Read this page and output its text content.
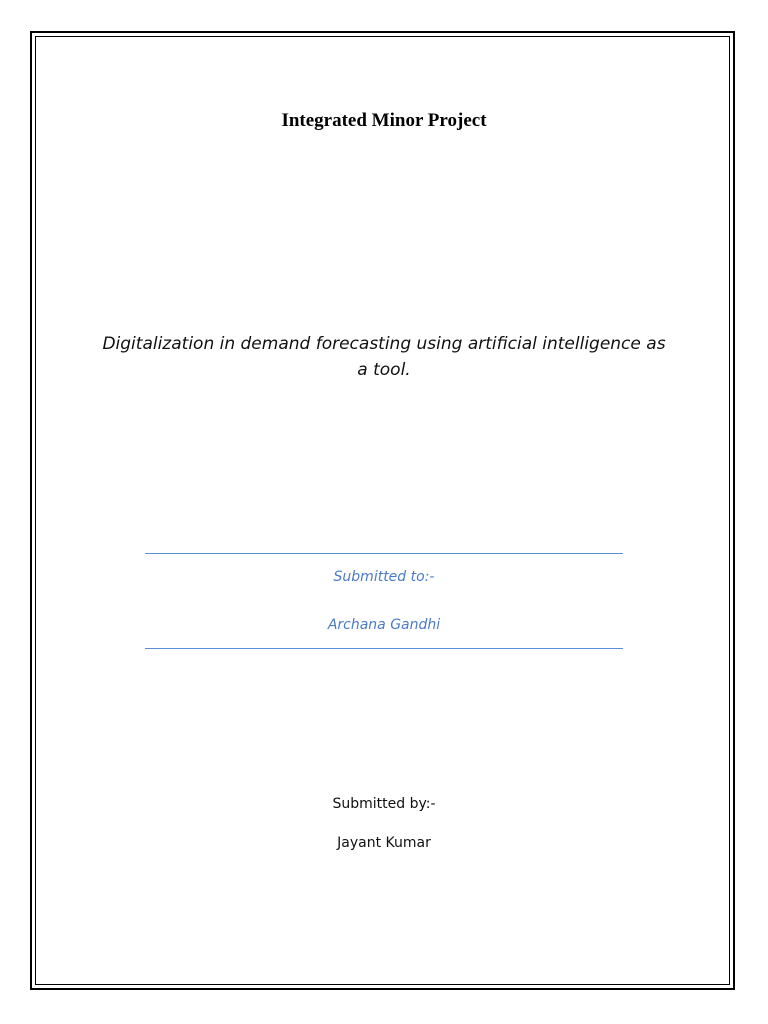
Integrated Minor Project
Digitalization in demand forecasting using artificial intelligence as a tool.
Submitted to:-
Archana Gandhi
Submitted by:-
Jayant Kumar
